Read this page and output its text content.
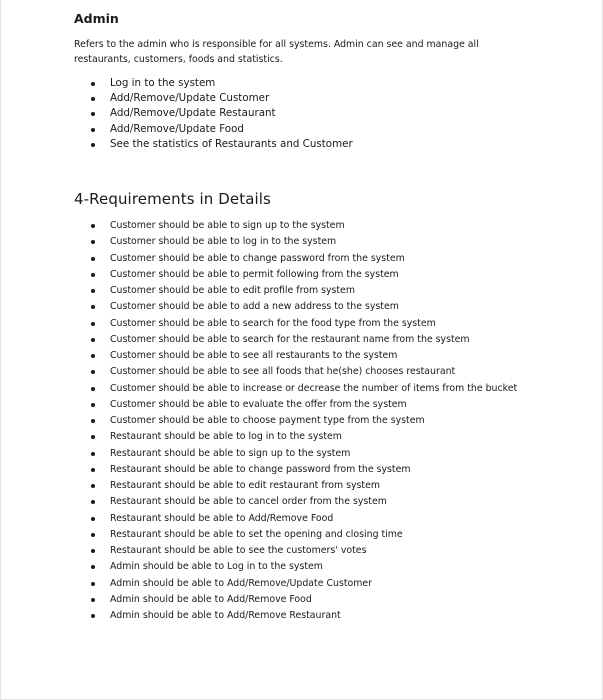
Admin

Refers to the admin who is responsible for all systems. Admin can see and manage all restaurants, customers, foods and statistics.

Log in to the system
Add/Remove/Update Customer
Add/Remove/Update Restaurant
Add/Remove/Update Food
See the statistics of Restaurants and Customer
4-Requirements in Details
Customer should be able to sign up to the system
Customer should be able to log in to the system
Customer should be able to change password from the system
Customer should be able to permit following from the system
Customer should be able to edit profile from system
Customer should be able to add a new address to the system
Customer should be able to search for the food type from the system
Customer should be able to search for the restaurant name from the system
Customer should be able to see all restaurants to the system
Customer should be able to see all foods that he(she) chooses restaurant
Customer should be able to increase or decrease the number of items from the bucket
Customer should be able to evaluate the offer from the system
Customer should be able to choose payment type from the system
Restaurant should be able to log in to the system
Restaurant should be able to sign up to the system
Restaurant should be able to change password from the system
Restaurant should be able to edit restaurant from system
Restaurant should be able to cancel order from the system
Restaurant should be able to Add/Remove Food
Restaurant should be able to set the opening and closing time
Restaurant should be able to see the customers' votes
Admin should be able to Log in to the system
Admin should be able to Add/Remove/Update Customer
Admin should be able to Add/Remove Food
Admin should be able to Add/Remove Restaurant
